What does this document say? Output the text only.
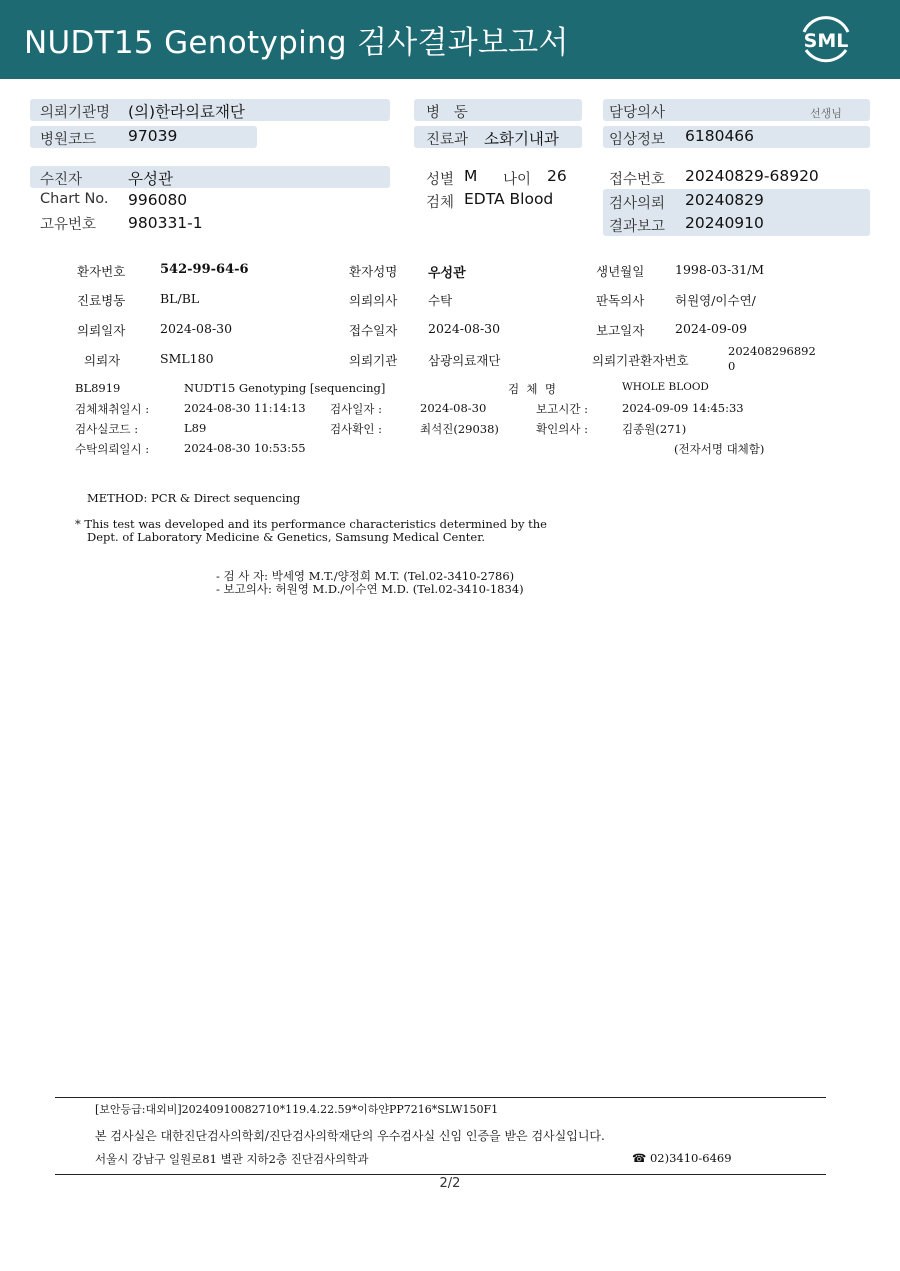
NUDT15 Genotyping 검사결과보고서	SML
의뢰기관명 (의)한라의료재단	병   동	담당의사	선생님
병원코드 97039	진료과 소화기내과	임상정보 6180466
수진자	우성관	성별 M 나이 26	접수번호 20240829-68920
Chart No. 996080	검체 EDTA Blood	검사의뢰 20240829
고유번호 980331-1	결과보고 20240910
환자번호	542-99-64-6	환자성명 우성관	생년월일 1998-03-31/M
진료병동	BL/BL	의뢰의사 수탁	판독의사 허원영/이수연/
의뢰일자	2024-08-30	접수일자 2024-08-30	보고일자 2024-09-09
의뢰자	SML180	의뢰기관 삼광의료재단	의뢰기관환자번호
202408296892
0
BL8919	NUDT15 Genotyping [sequencing]	검  체  명	WHOLE BLOOD
검체채취일시 :	2024-08-30 11:14:13 검사일자 :	2024-08-30	보고시간 :	2024-09-09 14:45:33
검사실코드 :	L89	검사확인 :	최석진(29038)	확인의사 :	김종원(271)
수탁의뢰일시 :	2024-08-30 10:53:55	(전자서명 대체함)
METHOD: PCR & Direct sequencing
* This test was developed and its performance characteristics determined by the
Dept. of Laboratory Medicine & Genetics, Samsung Medical Center.
- 검 사 자: 박세영 M.T./양정희 M.T. (Tel.02-3410-2786)
- 보고의사: 허원영 M.D./이수연 M.D. (Tel.02-3410-1834)
[보안등급:대외비]20240910082710*119.4.22.59*이하얀PP7216*SLW150F1
본 검사실은 대한진단검사의학회/진단검사의학재단의 우수검사실 신임 인증을 받은 검사실입니다.
서울시 강남구 일원로81 별관 지하2층 진단검사의학과	☎ 02)3410-6469
2/2
